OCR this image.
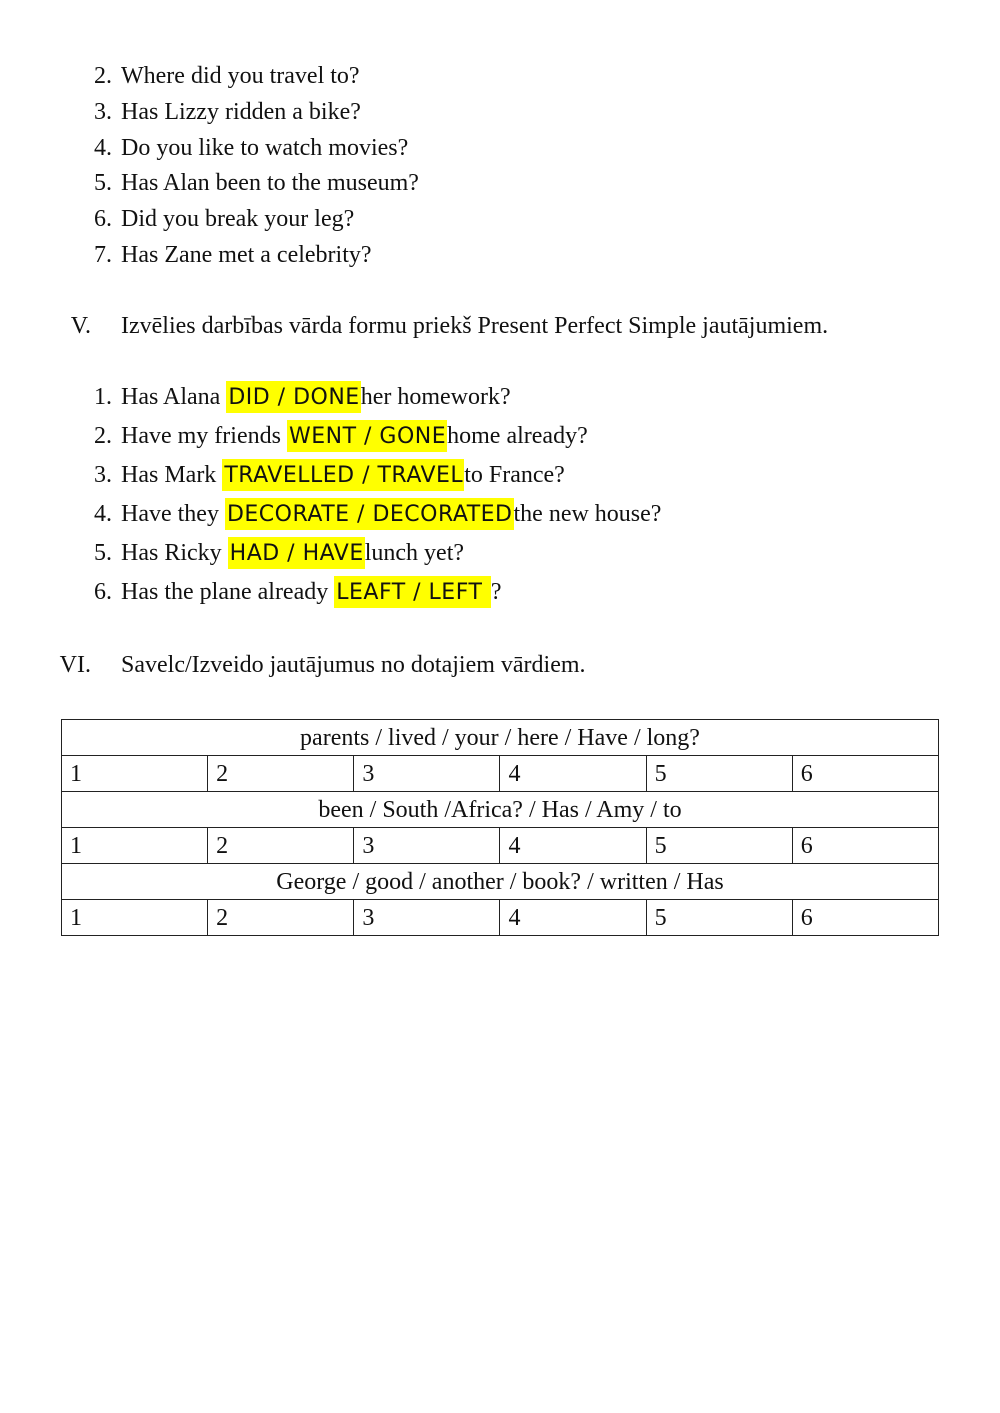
2. Where did you travel to?
3. Has Lizzy ridden a bike?
4. Do you like to watch movies?
5. Has Alan been to the museum?
6. Did you break your leg?
7. Has Zane met a celebrity?
V. Izvēlies darbības vārda formu priekš Present Perfect Simple jautājumiem.
1. Has Alana DID / DONEher homework?
2. Have my friends WENT / GONEhome already?
3. Has Mark TRAVELLED / TRAVELto France?
4. Have they DECORATE / DECORATEDthe new house?
5. Has Ricky HAD / HAVElunch yet?
6. Has the plane already LEAFT / LEFT ?
VI. Savelc/Izveido jautājumus no dotajiem vārdiem.
parents / lived / your / here / Have / long?					
1	2	3	4	5	6
been / South /Africa? / Has / Amy / to					
1	2	3	4	5	6
George / good / another / book? / written / Has					
1	2	3	4	5	6
